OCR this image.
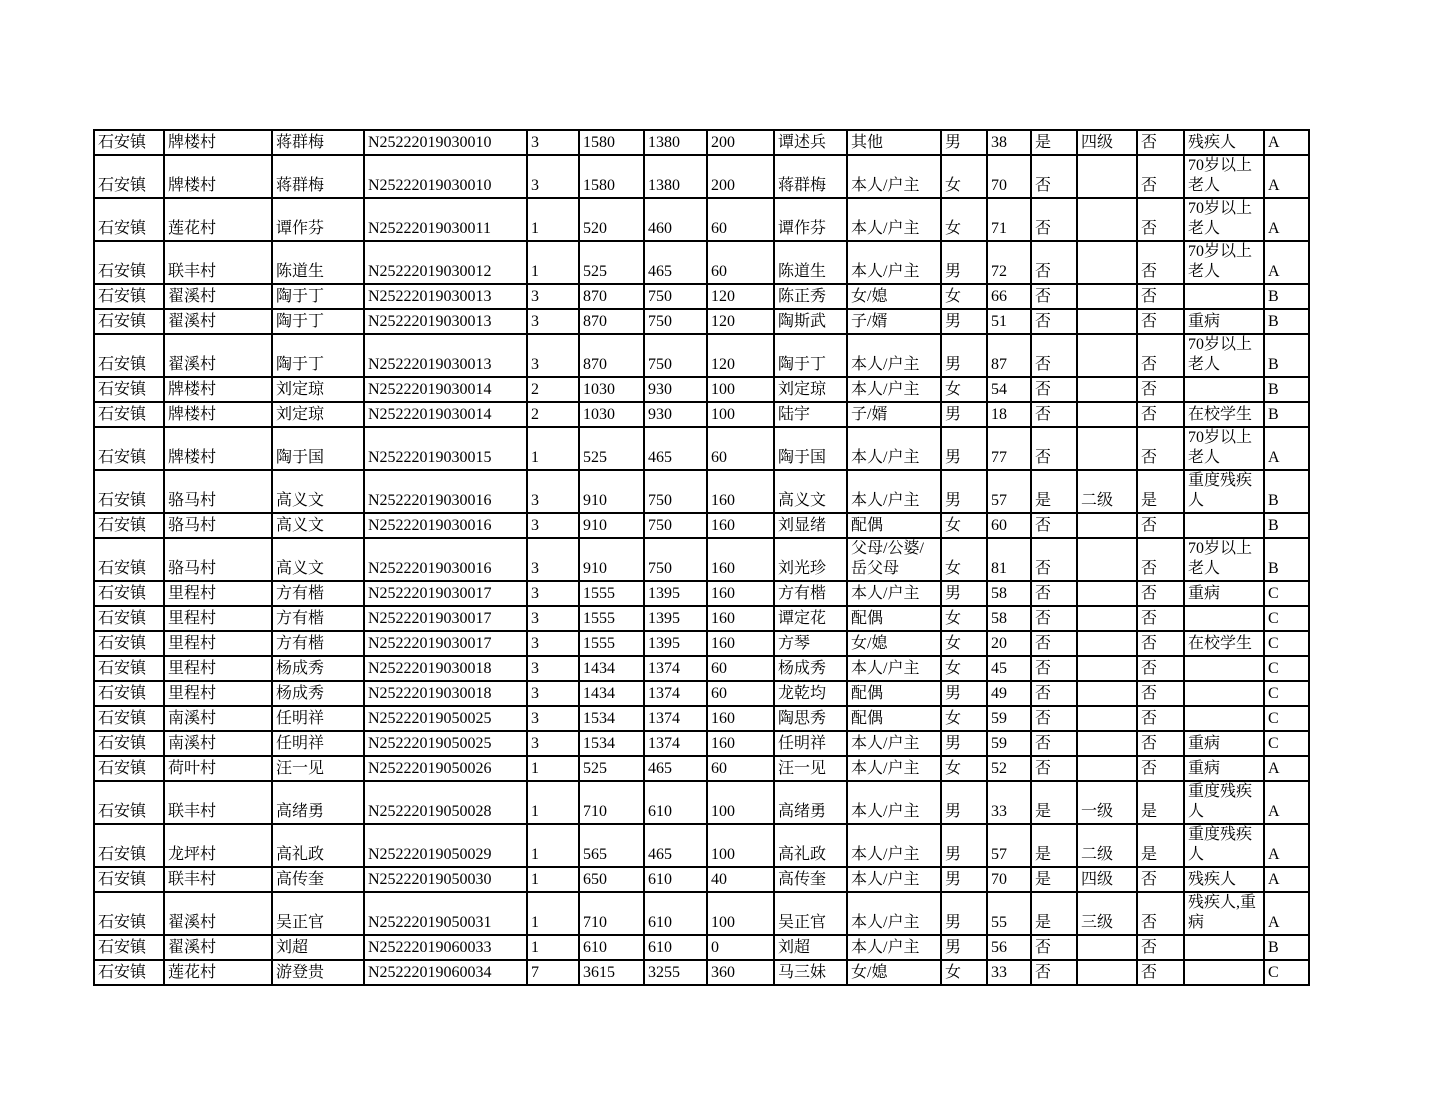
石安镇	牌楼村	蒋群梅	N25222019030010	3	1580	1380	200	谭述兵	其他	男	38	是	四级	否	残疾人	A
石安镇	牌楼村	蒋群梅	N25222019030010	3	1580	1380	200	蒋群梅	本人/户主	女	70	否		否	70岁以上老人	A
石安镇	莲花村	谭作芬	N25222019030011	1	520	460	60	谭作芬	本人/户主	女	71	否		否	70岁以上老人	A
石安镇	联丰村	陈道生	N25222019030012	1	525	465	60	陈道生	本人/户主	男	72	否		否	70岁以上老人	A
石安镇	翟溪村	陶于丁	N25222019030013	3	870	750	120	陈正秀	女/媳	女	66	否		否		B
石安镇	翟溪村	陶于丁	N25222019030013	3	870	750	120	陶斯武	子/婿	男	51	否		否	重病	B
石安镇	翟溪村	陶于丁	N25222019030013	3	870	750	120	陶于丁	本人/户主	男	87	否		否	70岁以上老人	B
石安镇	牌楼村	刘定琼	N25222019030014	2	1030	930	100	刘定琼	本人/户主	女	54	否		否		B
石安镇	牌楼村	刘定琼	N25222019030014	2	1030	930	100	陆宇	子/婿	男	18	否		否	在校学生	B
石安镇	牌楼村	陶于国	N25222019030015	1	525	465	60	陶于国	本人/户主	男	77	否		否	70岁以上老人	A
石安镇	骆马村	高义文	N25222019030016	3	910	750	160	高义文	本人/户主	男	57	是	二级	是	重度残疾人	B
石安镇	骆马村	高义文	N25222019030016	3	910	750	160	刘显绪	配偶	女	60	否		否		B
石安镇	骆马村	高义文	N25222019030016	3	910	750	160	刘光珍	父母/公婆/岳父母	女	81	否		否	70岁以上老人	B
石安镇	里程村	方有楷	N25222019030017	3	1555	1395	160	方有楷	本人/户主	男	58	否		否	重病	C
石安镇	里程村	方有楷	N25222019030017	3	1555	1395	160	谭定花	配偶	女	58	否		否		C
石安镇	里程村	方有楷	N25222019030017	3	1555	1395	160	方琴	女/媳	女	20	否		否	在校学生	C
石安镇	里程村	杨成秀	N25222019030018	3	1434	1374	60	杨成秀	本人/户主	女	45	否		否		C
石安镇	里程村	杨成秀	N25222019030018	3	1434	1374	60	龙乾均	配偶	男	49	否		否		C
石安镇	南溪村	任明祥	N25222019050025	3	1534	1374	160	陶思秀	配偶	女	59	否		否		C
石安镇	南溪村	任明祥	N25222019050025	3	1534	1374	160	任明祥	本人/户主	男	59	否		否	重病	C
石安镇	荷叶村	汪一见	N25222019050026	1	525	465	60	汪一见	本人/户主	女	52	否		否	重病	A
石安镇	联丰村	高绪勇	N25222019050028	1	710	610	100	高绪勇	本人/户主	男	33	是	一级	是	重度残疾人	A
石安镇	龙坪村	高礼政	N25222019050029	1	565	465	100	高礼政	本人/户主	男	57	是	二级	是	重度残疾人	A
石安镇	联丰村	高传奎	N25222019050030	1	650	610	40	高传奎	本人/户主	男	70	是	四级	否	残疾人	A
石安镇	翟溪村	吴正官	N25222019050031	1	710	610	100	吴正官	本人/户主	男	55	是	三级	否	残疾人,重病	A
石安镇	翟溪村	刘超	N25222019060033	1	610	610	0	刘超	本人/户主	男	56	否		否		B
石安镇	莲花村	游登贵	N25222019060034	7	3615	3255	360	马三妹	女/媳	女	33	否		否		C
